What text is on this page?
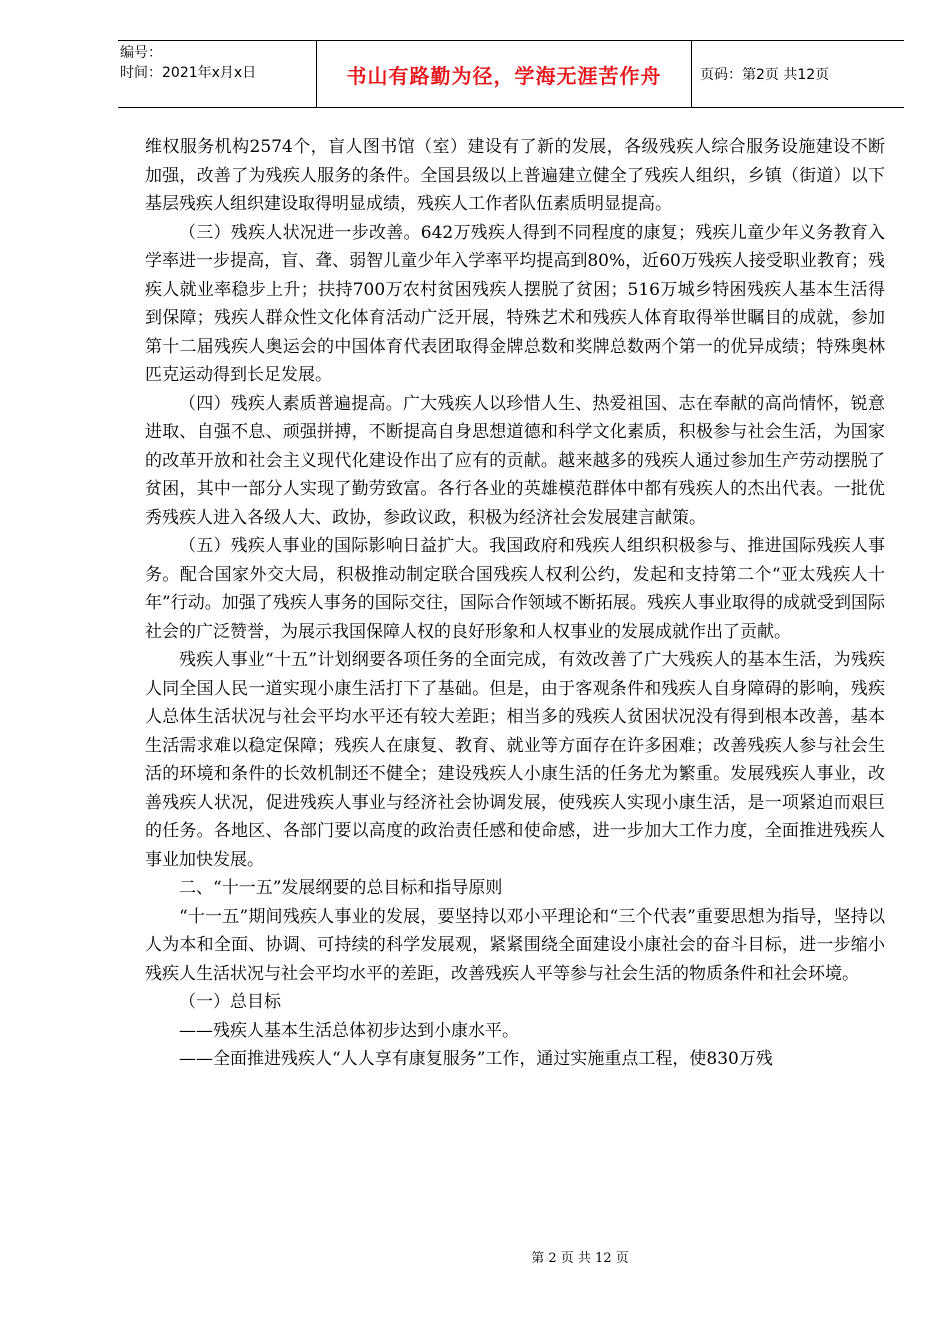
编号：
时间：2021年x月x日	书山有路勤为径，学海无涯苦作舟	页码：第2页 共12页

维权服务机构2574个，盲人图书馆（室）建设有了新的发展，各级残疾人综合服务设施建设不断加强，改善了为残疾人服务的条件。全国县级以上普遍建立健全了残疾人组织，乡镇（街道）以下基层残疾人组织建设取得明显成绩，残疾人工作者队伍素质明显提高。

（三）残疾人状况进一步改善。642万残疾人得到不同程度的康复；残疾儿童少年义务教育入学率进一步提高，盲、聋、弱智儿童少年入学率平均提高到80%，近60万残疾人接受职业教育；残疾人就业率稳步上升；扶持700万农村贫困残疾人摆脱了贫困；516万城乡特困残疾人基本生活得到保障；残疾人群众性文化体育活动广泛开展，特殊艺术和残疾人体育取得举世瞩目的成就，参加第十二届残疾人奥运会的中国体育代表团取得金牌总数和奖牌总数两个第一的优异成绩；特殊奥林匹克运动得到长足发展。

（四）残疾人素质普遍提高。广大残疾人以珍惜人生、热爱祖国、志在奉献的高尚情怀，锐意进取、自强不息、顽强拼搏，不断提高自身思想道德和科学文化素质，积极参与社会生活，为国家的改革开放和社会主义现代化建设作出了应有的贡献。越来越多的残疾人通过参加生产劳动摆脱了贫困，其中一部分人实现了勤劳致富。各行各业的英雄模范群体中都有残疾人的杰出代表。一批优秀残疾人进入各级人大、政协，参政议政，积极为经济社会发展建言献策。

（五）残疾人事业的国际影响日益扩大。我国政府和残疾人组织积极参与、推进国际残疾人事务。配合国家外交大局，积极推动制定联合国残疾人权利公约，发起和支持第二个“亚太残疾人十年”行动。加强了残疾人事务的国际交往，国际合作领域不断拓展。残疾人事业取得的成就受到国际社会的广泛赞誉，为展示我国保障人权的良好形象和人权事业的发展成就作出了贡献。

残疾人事业“十五”计划纲要各项任务的全面完成，有效改善了广大残疾人的基本生活，为残疾人同全国人民一道实现小康生活打下了基础。但是，由于客观条件和残疾人自身障碍的影响，残疾人总体生活状况与社会平均水平还有较大差距；相当多的残疾人贫困状况没有得到根本改善，基本生活需求难以稳定保障；残疾人在康复、教育、就业等方面存在许多困难；改善残疾人参与社会生活的环境和条件的长效机制还不健全；建设残疾人小康生活的任务尤为繁重。发展残疾人事业，改善残疾人状况，促进残疾人事业与经济社会协调发展，使残疾人实现小康生活，是一项紧迫而艰巨的任务。各地区、各部门要以高度的政治责任感和使命感，进一步加大工作力度，全面推进残疾人事业加快发展。

二、“十一五”发展纲要的总目标和指导原则

“十一五”期间残疾人事业的发展，要坚持以邓小平理论和“三个代表”重要思想为指导，坚持以人为本和全面、协调、可持续的科学发展观，紧紧围绕全面建设小康社会的奋斗目标，进一步缩小残疾人生活状况与社会平均水平的差距，改善残疾人平等参与社会生活的物质条件和社会环境。

（一）总目标

——残疾人基本生活总体初步达到小康水平。

——全面推进残疾人“人人享有康复服务”工作，通过实施重点工程，使830万残

第 2 页 共 12 页
